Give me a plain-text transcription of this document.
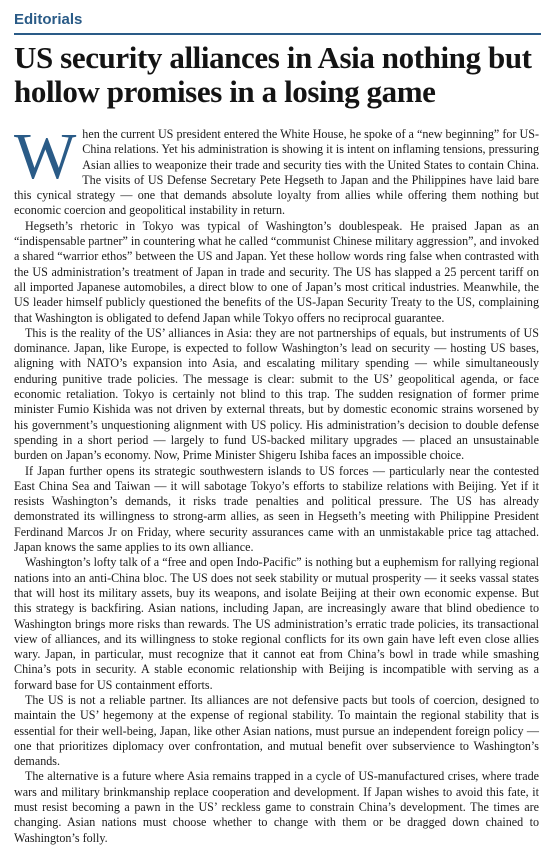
Editorials
US security alliances in Asia nothing but hollow promises in a losing game

When the current US president entered the White House, he spoke of a “new beginning” for US-China relations. Yet his administration is showing it is intent on inflaming tensions, pressuring Asian allies to weaponize their trade and security ties with the United States to contain China. The visits of US Defense Secretary Pete Hegseth to Japan and the Philippines have laid bare this cynical strategy — one that demands absolute loyalty from allies while offering them nothing but economic coercion and geopolitical instability in return.

Hegseth’s rhetoric in Tokyo was typical of Washington’s doublespeak. He praised Japan as an “indispensable partner” in countering what he called “communist Chinese military aggression”, and invoked a shared “warrior ethos” between the US and Japan. Yet these hollow words ring false when contrasted with the US administration’s treatment of Japan in trade and security. The US has slapped a 25 percent tariff on all imported Japanese automobiles, a direct blow to one of Japan’s most critical industries. Meanwhile, the US leader himself publicly questioned the benefits of the US-Japan Security Treaty to the US, complaining that Washington is obligated to defend Japan while Tokyo offers no reciprocal guarantee.

This is the reality of the US’ alliances in Asia: they are not partnerships of equals, but instruments of US dominance. Japan, like Europe, is expected to follow Washington’s lead on security — hosting US bases, aligning with NATO’s expansion into Asia, and escalating military spending — while simultaneously enduring punitive trade policies. The message is clear: submit to the US’ geopolitical agenda, or face economic retaliation. Tokyo is certainly not blind to this trap. The sudden resignation of former prime minister Fumio Kishida was not driven by external threats, but by domestic economic strains worsened by his government’s unquestioning alignment with US policy. His administration’s decision to double defense spending in a short period — largely to fund US-backed military upgrades — placed an unsustainable burden on Japan’s economy. Now, Prime Minister Shigeru Ishiba faces an impossible choice.

If Japan further opens its strategic southwestern islands to US forces — particularly near the contested East China Sea and Taiwan — it will sabotage Tokyo’s efforts to stabilize relations with Beijing. Yet if it resists Washington’s demands, it risks trade penalties and political pressure. The US has already demonstrated its willingness to strong-arm allies, as seen in Hegseth’s meeting with Philippine President Ferdinand Marcos Jr on Friday, where security assurances came with an unmistakable price tag attached. Japan knows the same applies to its own alliance.

Washington’s lofty talk of a “free and open Indo-Pacific” is nothing but a euphemism for rallying regional nations into an anti-China bloc. The US does not seek stability or mutual prosperity — it seeks vassal states that will host its military assets, buy its weapons, and isolate Beijing at their own economic expense. But this strategy is backfiring. Asian nations, including Japan, are increasingly aware that blind obedience to Washington brings more risks than rewards. The US administration’s erratic trade policies, its transactional view of alliances, and its willingness to stoke regional conflicts for its own gain have left even close allies wary. Japan, in particular, must recognize that it cannot eat from China’s bowl in trade while smashing China’s pots in security. A stable economic relationship with Beijing is incompatible with serving as a forward base for US containment efforts.

The US is not a reliable partner. Its alliances are not defensive pacts but tools of coercion, designed to maintain the US’ hegemony at the expense of regional stability. To maintain the regional stability that is essential for their well-being, Japan, like other Asian nations, must pursue an independent foreign policy — one that prioritizes diplomacy over confrontation, and mutual benefit over subservience to Washington’s demands.

The alternative is a future where Asia remains trapped in a cycle of US-manufactured crises, where trade wars and military brinkmanship replace cooperation and development. If Japan wishes to avoid this fate, it must resist becoming a pawn in the US’ reckless game to constrain China’s development. The times are changing. Asian nations must choose whether to change with them or be dragged down chained to Washington’s folly.
